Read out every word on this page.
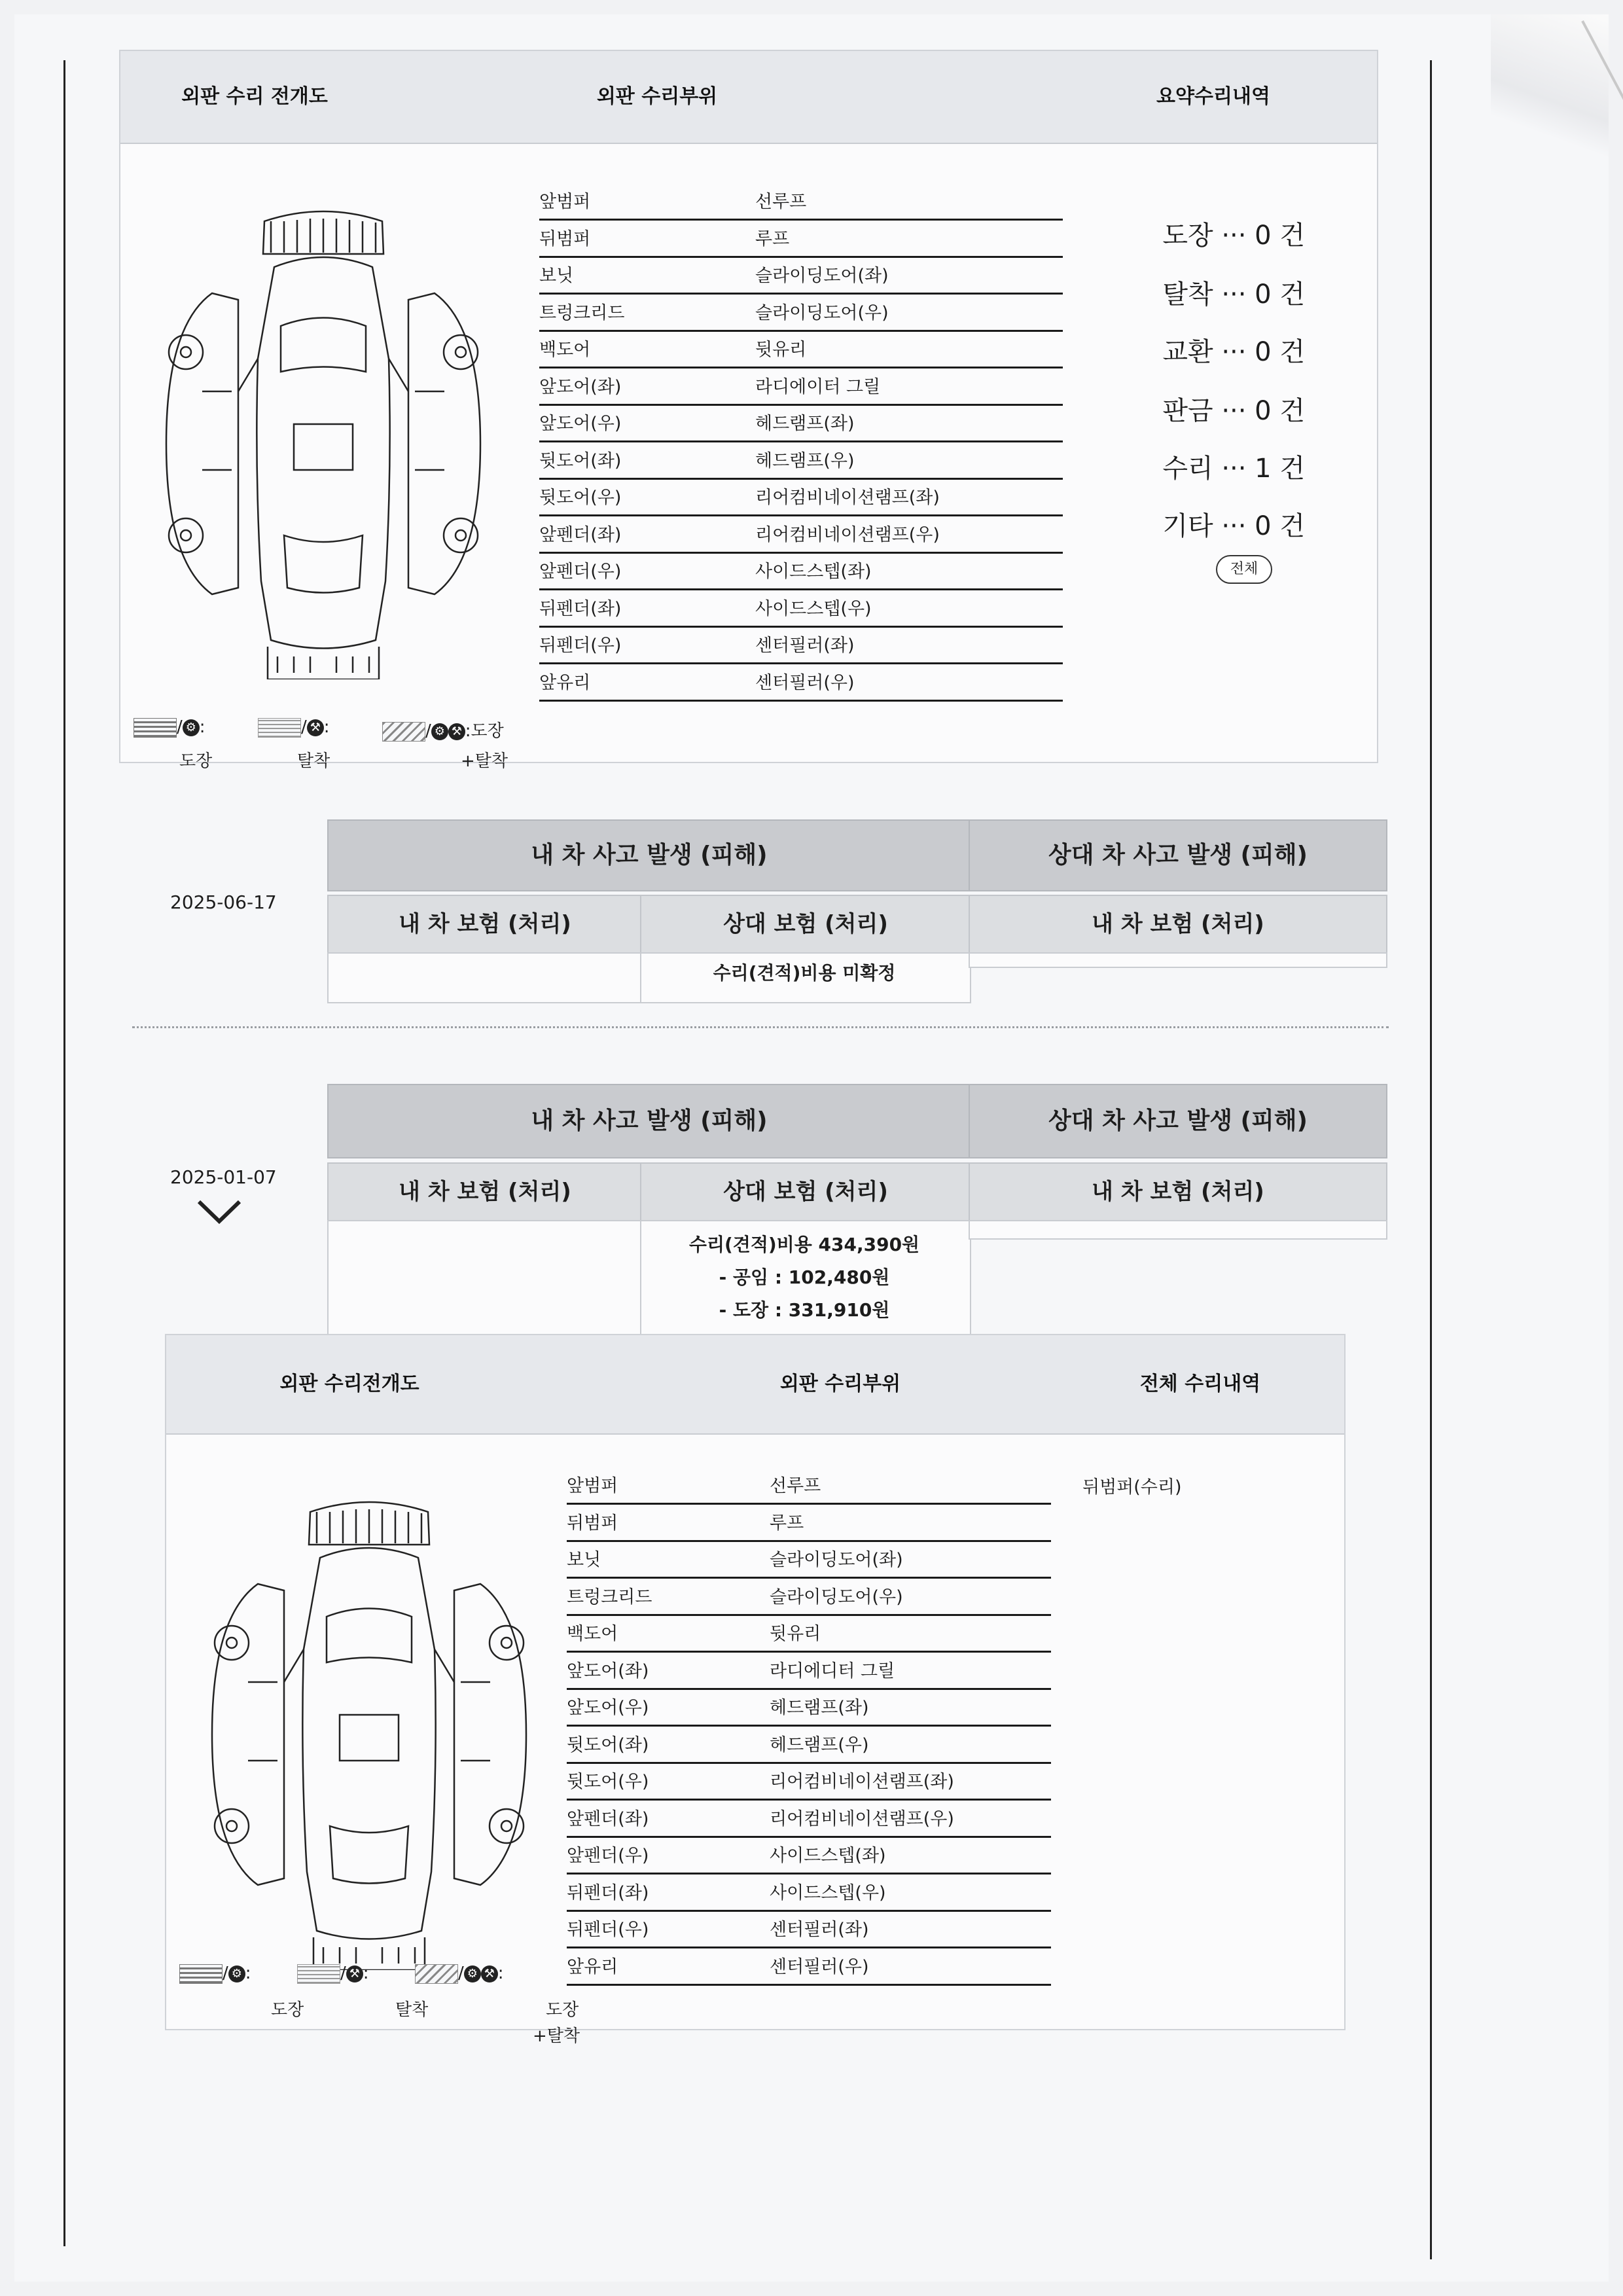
외판 수리 전개도	외판 수리부위	요약수리내역
앞범퍼	선루프
뒤범퍼	루프
보닛	슬라이딩도어(좌)
트렁크리드	슬라이딩도어(우)
백도어	뒷유리
앞도어(좌)	라디에이터 그릴
앞도어(우)	헤드램프(좌)
뒷도어(좌)	헤드램프(우)
뒷도어(우)	리어컴비네이션램프(좌)
앞펜더(좌)	리어컴비네이션램프(우)
앞펜더(우)	사이드스텝(좌)
뒤펜더(좌)	사이드스텝(우)
뒤펜더(우)	센터필러(좌)
앞유리	센터필러(우)
도장 ··· 0 건
탈착 ··· 0 건
교환 ··· 0 건
판금 ··· 0 건
수리 ··· 1 건
기타 ··· 0 건
전체
/ ⚙ :	/ ⚒ :	/ ⚙ ⚒ :도장
도장	탈착	+탈착
2025-06-17
내 차 사고 발생 (피해)	상대 차 사고 발생 (피해)
내 차 보험 (처리)	상대 보험 (처리)	내 차 보험 (처리)
수리(견적)비용 미확정
2025-01-07
내 차 사고 발생 (피해)	상대 차 사고 발생 (피해)
내 차 보험 (처리)	상대 보험 (처리)	내 차 보험 (처리)
수리(견적)비용 434,390원
- 공임 : 102,480원
- 도장 : 331,910원
외판 수리전개도	외판 수리부위	전체 수리내역
앞범퍼	선루프
뒤범퍼	루프
보닛	슬라이딩도어(좌)
트렁크리드	슬라이딩도어(우)
백도어	뒷유리
앞도어(좌)	라디에디터 그릴
앞도어(우)	헤드램프(좌)
뒷도어(좌)	헤드램프(우)
뒷도어(우)	리어컴비네이션램프(좌)
앞펜더(좌)	리어컴비네이션램프(우)
앞펜더(우)	사이드스텝(좌)
뒤펜더(좌)	사이드스텝(우)
뒤펜더(우)	센터필러(좌)
앞유리	센터필러(우)
뒤범퍼(수리)
/ ⚙ :	/ ⚒ :	/ ⚙ ⚒ :
도장	탈착	도장
+탈착
